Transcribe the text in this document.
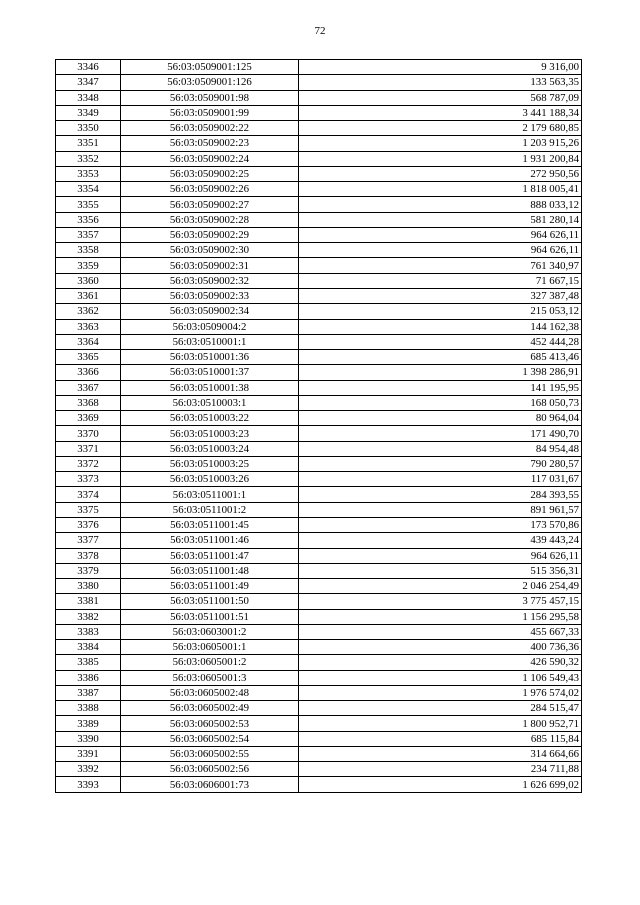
72
3346	56:03:0509001:125	9 316,00
3347	56:03:0509001:126	133 563,35
3348	56:03:0509001:98	568 787,09
3349	56:03:0509001:99	3 441 188,34
3350	56:03:0509002:22	2 179 680,85
3351	56:03:0509002:23	1 203 915,26
3352	56:03:0509002:24	1 931 200,84
3353	56:03:0509002:25	272 950,56
3354	56:03:0509002:26	1 818 005,41
3355	56:03:0509002:27	888 033,12
3356	56:03:0509002:28	581 280,14
3357	56:03:0509002:29	964 626,11
3358	56:03:0509002:30	964 626,11
3359	56:03:0509002:31	761 340,97
3360	56:03:0509002:32	71 667,15
3361	56:03:0509002:33	327 387,48
3362	56:03:0509002:34	215 053,12
3363	56:03:0509004:2	144 162,38
3364	56:03:0510001:1	452 444,28
3365	56:03:0510001:36	685 413,46
3366	56:03:0510001:37	1 398 286,91
3367	56:03:0510001:38	141 195,95
3368	56:03:0510003:1	168 050,73
3369	56:03:0510003:22	80 964,04
3370	56:03:0510003:23	171 490,70
3371	56:03:0510003:24	84 954,48
3372	56:03:0510003:25	790 280,57
3373	56:03:0510003:26	117 031,67
3374	56:03:0511001:1	284 393,55
3375	56:03:0511001:2	891 961,57
3376	56:03:0511001:45	173 570,86
3377	56:03:0511001:46	439 443,24
3378	56:03:0511001:47	964 626,11
3379	56:03:0511001:48	515 356,31
3380	56:03:0511001:49	2 046 254,49
3381	56:03:0511001:50	3 775 457,15
3382	56:03:0511001:51	1 156 295,58
3383	56:03:0603001:2	455 667,33
3384	56:03:0605001:1	400 736,36
3385	56:03:0605001:2	426 590,32
3386	56:03:0605001:3	1 106 549,43
3387	56:03:0605002:48	1 976 574,02
3388	56:03:0605002:49	284 515,47
3389	56:03:0605002:53	1 800 952,71
3390	56:03:0605002:54	685 115,84
3391	56:03:0605002:55	314 664,66
3392	56:03:0605002:56	234 711,88
3393	56:03:0606001:73	1 626 699,02
